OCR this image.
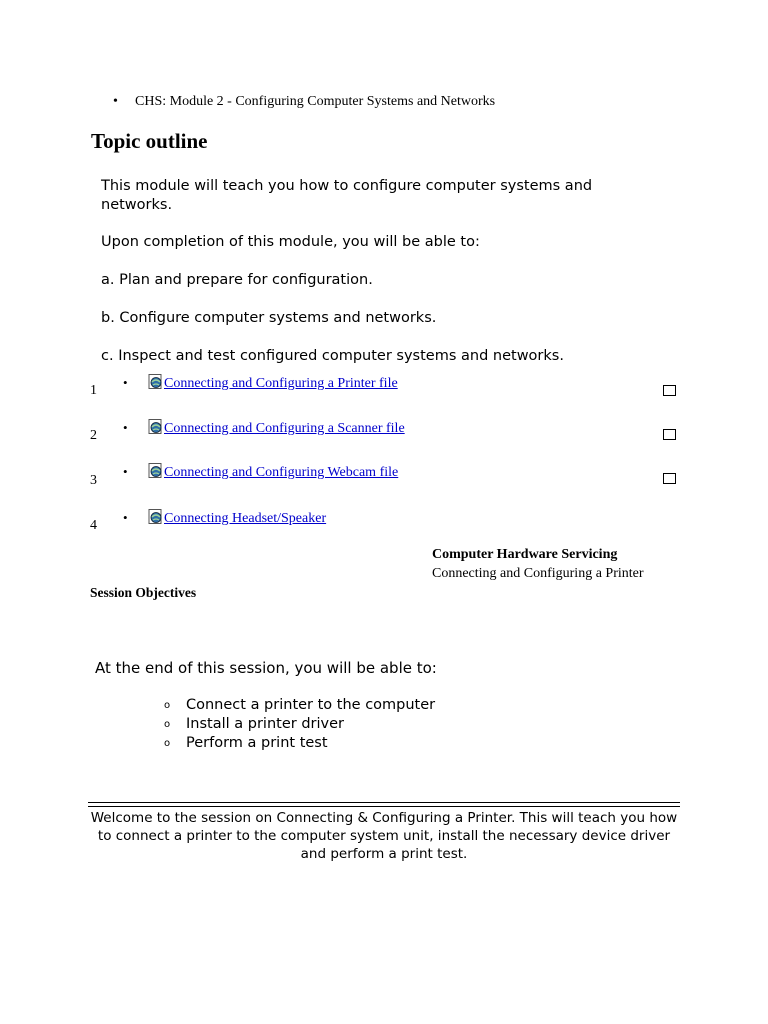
• CHS: Module 2 - Configuring Computer Systems and Networks
Topic outline
This module will teach you how to configure computer systems and networks.
Upon completion of this module, you will be able to:
a. Plan and prepare for configuration.
b. Configure computer systems and networks.
c. Inspect and test configured computer systems and networks.
1
•	Connecting and Configuring a Printer file
2
•	Connecting and Configuring a Scanner file
3
•	Connecting and Configuring Webcam file
4
•	Connecting Headset/Speaker
Computer Hardware Servicing
Connecting and Configuring a Printer
Session Objectives
At the end of this session, you will be able to:
o Connect a printer to the computer
o Install a printer driver
o Perform a print test
Welcome to the session on Connecting & Configuring a Printer. This will teach you how to connect a printer to the computer system unit, install the necessary device driver and perform a print test.
